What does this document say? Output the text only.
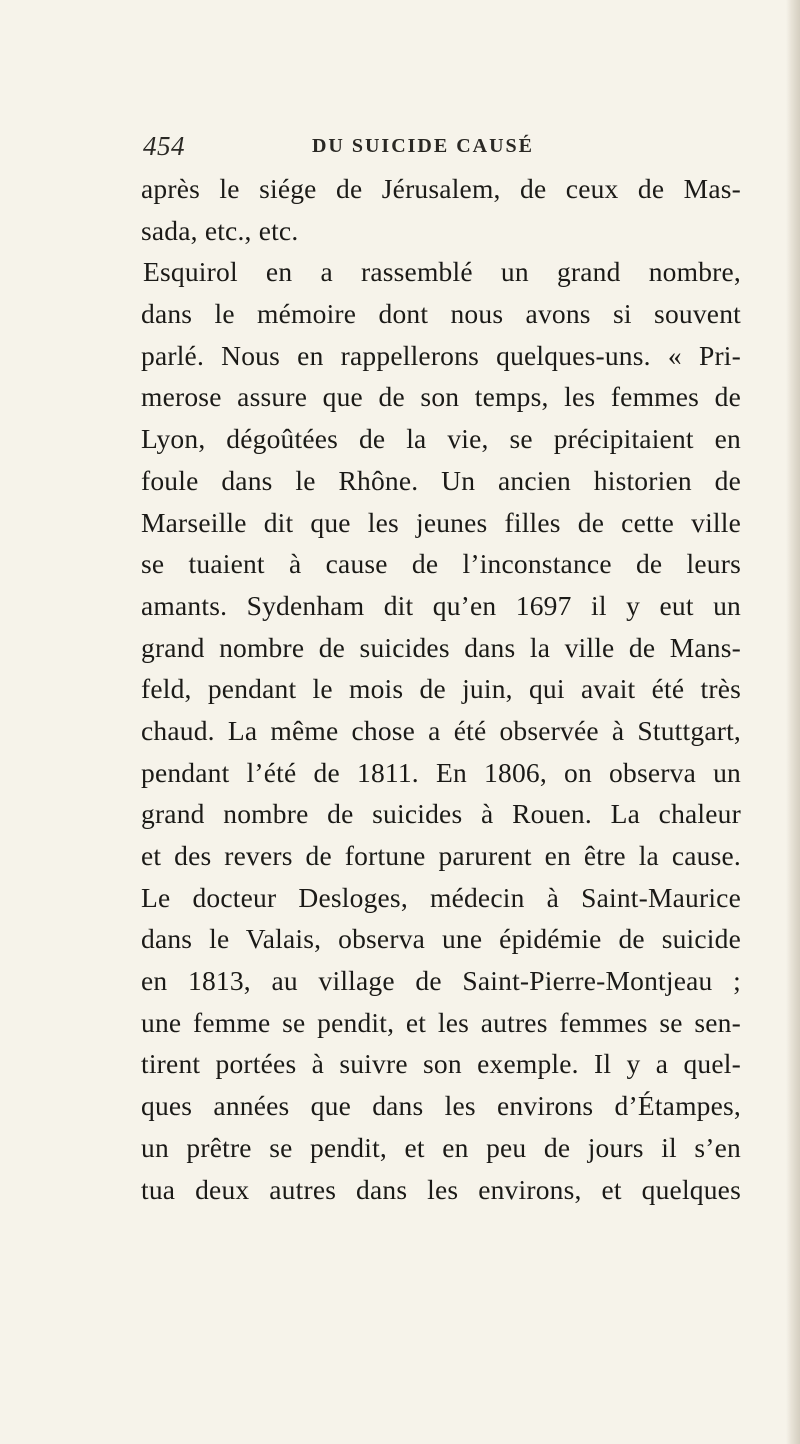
454	DU SUICIDE CAUSÉ
après le siége de Jérusalem, de ceux de Mas-
sada, etc., etc.
Esquirol en a rassemblé un grand nombre,
dans le mémoire dont nous avons si souvent
parlé. Nous en rappellerons quelques-uns. « Pri-
merose assure que de son temps, les femmes de
Lyon, dégoûtées de la vie, se précipitaient en
foule dans le Rhône. Un ancien historien de
Marseille dit que les jeunes filles de cette ville
se tuaient à cause de l’inconstance de leurs
amants. Sydenham dit qu’en 1697 il y eut un
grand nombre de suicides dans la ville de Mans-
feld, pendant le mois de juin, qui avait été très
chaud. La même chose a été observée à Stuttgart,
pendant l’été de 1811. En 1806, on observa un
grand nombre de suicides à Rouen. La chaleur
et des revers de fortune parurent en être la cause.
Le docteur Desloges, médecin à Saint-Maurice
dans le Valais, observa une épidémie de suicide
en 1813, au village de Saint-Pierre-Montjeau ;
une femme se pendit, et les autres femmes se sen-
tirent portées à suivre son exemple. Il y a quel-
ques années que dans les environs d’Étampes,
un prêtre se pendit, et en peu de jours il s’en
tua deux autres dans les environs, et quelques
